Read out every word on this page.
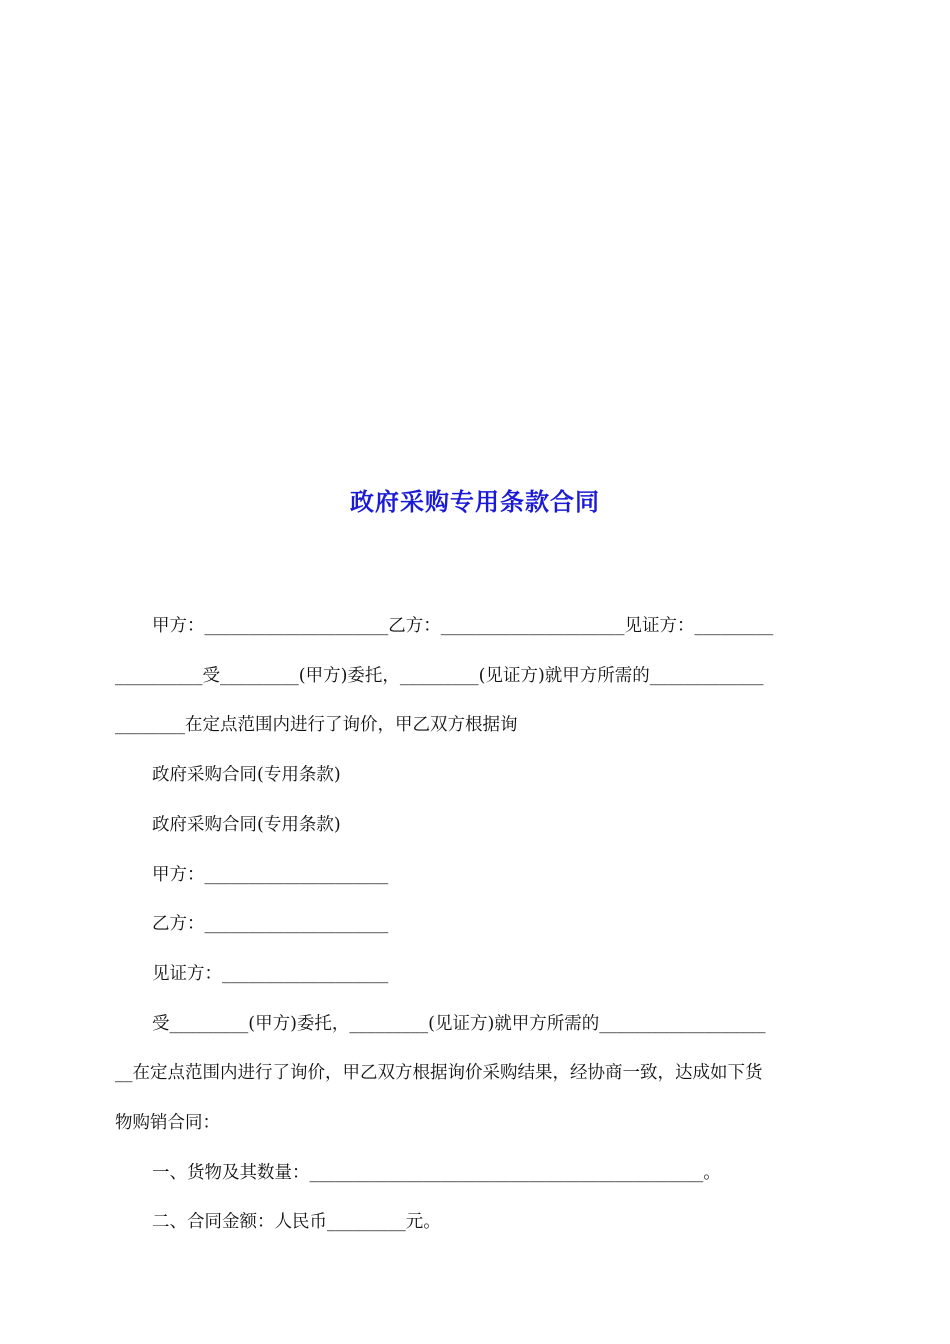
政府采购专用条款合同

甲方：_____________________乙方：_____________________见证方：_________

__________受_________(甲方)委托，_________(见证方)就甲方所需的_____________

________在定点范围内进行了询价，甲乙双方根据询

政府采购合同(专用条款)

政府采购合同(专用条款)

甲方：_____________________

乙方：_____________________

见证方：___________________

受_________(甲方)委托，_________(见证方)就甲方所需的___________________

__在定点范围内进行了询价，甲乙双方根据询价采购结果，经协商一致，达成如下货

物购销合同：

一、货物及其数量：_____________________________________________。

二、合同金额：人民币_________元。
